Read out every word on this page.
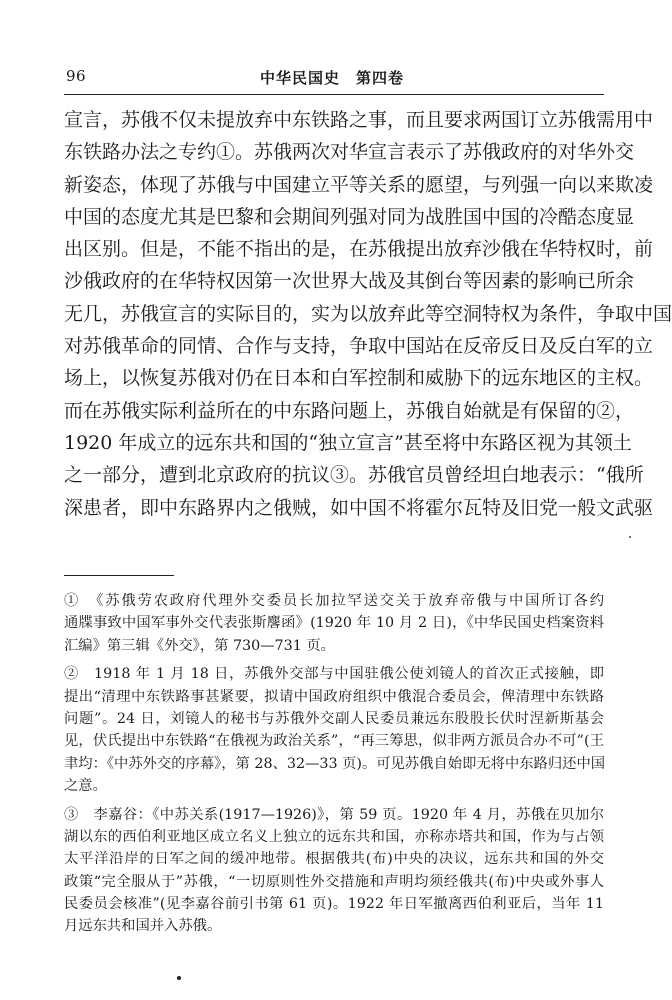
96	中华民国史　第四卷
宣言，苏俄不仅未提放弃中东铁路之事，而且要求两国订立苏俄需用中
东铁路办法之专约①。苏俄两次对华宣言表示了苏俄政府的对华外交
新姿态，体现了苏俄与中国建立平等关系的愿望，与列强一向以来欺凌
中国的态度尤其是巴黎和会期间列强对同为战胜国中国的冷酷态度显
出区别。但是，不能不指出的是，在苏俄提出放弃沙俄在华特权时，前
沙俄政府的在华特权因第一次世界大战及其倒台等因素的影响已所余
无几，苏俄宣言的实际目的，实为以放弃此等空洞特权为条件，争取中国
对苏俄革命的同情、合作与支持，争取中国站在反帝反日及反白军的立
场上，以恢复苏俄对仍在日本和白军控制和威胁下的远东地区的主权。
而在苏俄实际利益所在的中东路问题上，苏俄自始就是有保留的②，
1920 年成立的远东共和国的“独立宣言”甚至将中东路区视为其领土
之一部分，遭到北京政府的抗议③。苏俄官员曾经坦白地表示：“俄所
深患者，即中东路界内之俄贼，如中国不将霍尔瓦特及旧党一般文武驱
①　《苏俄劳农政府代理外交委员长加拉罕送交关于放弃帝俄与中国所订各约
通牒事致中国军事外交代表张斯麐函》(1920 年 10 月 2 日)，《中华民国史档案资料
汇编》第三辑《外交》，第 730—731 页。
②　1918 年 1 月 18 日，苏俄外交部与中国驻俄公使刘镜人的首次正式接触，即
提出“清理中东铁路事甚紧要，拟请中国政府组织中俄混合委员会，俾清理中东铁路
问题”。24 日，刘镜人的秘书与苏俄外交副人民委员兼远东股股长伏时涅新斯基会
见，伏氏提出中东铁路“在俄视为政治关系”，“再三筹思，似非两方派员合办不可”(王
聿均：《中苏外交的序幕》，第 28、32—33 页)。可见苏俄自始即无将中东路归还中国
之意。
③　李嘉谷：《中苏关系(1917—1926)》，第 59 页。1920 年 4 月，苏俄在贝加尔
湖以东的西伯利亚地区成立名义上独立的远东共和国，亦称赤塔共和国，作为与占领
太平洋沿岸的日军之间的缓冲地带。根据俄共(布)中央的决议，远东共和国的外交
政策“完全服从于”苏俄，“一切原则性外交措施和声明均须经俄共(布)中央或外事人
民委员会核准”(见李嘉谷前引书第 61 页)。1922 年日军撤离西伯利亚后，当年 11
月远东共和国并入苏俄。
